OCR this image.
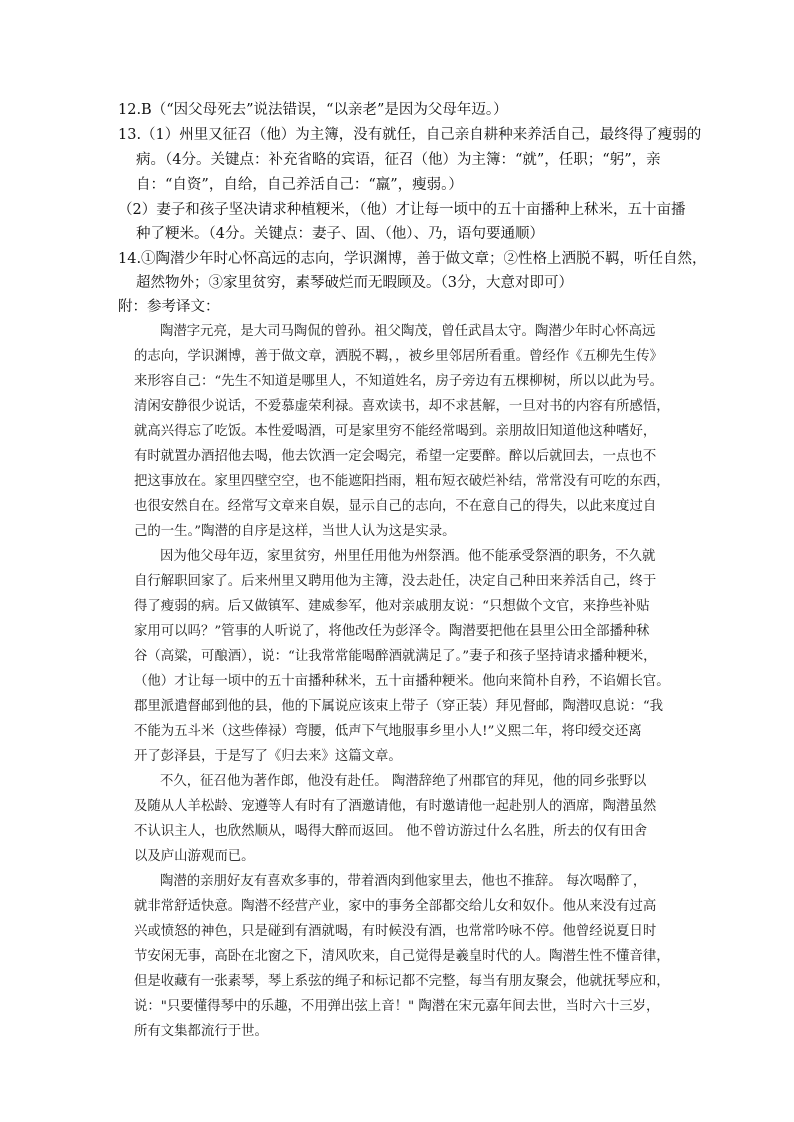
12.B（“因父母死去”说法错误，“以亲老”是因为父母年迈。）

13.（1）州里又征召（他）为主簿，没有就任，自己亲自耕种来养活自己，最终得了瘦弱的

病。（4分。关键点：补充省略的宾语，征召（他）为主簿：“就”，任职；“躬”，亲

自：“自资”，自给，自己养活自己：“羸”，瘦弱。）

（2）妻子和孩子坚决请求种植粳米，（他）才让每一顷中的五十亩播种上秫米，五十亩播

种了粳米。（4分。关键点：妻子、固、（他）、乃，语句要通顺）

14.①陶潜少年时心怀高远的志向，学识渊博，善于做文章；②性格上洒脱不羁，听任自然，

超然物外；③家里贫穷，素琴破烂而无暇顾及。（3分，大意对即可）

附：参考译文：

陶潜字元亮，是大司马陶侃的曾孙。祖父陶茂，曾任武昌太守。陶潜少年时心怀高远

的志向，学识渊博，善于做文章，洒脱不羁，，被乡里邻居所看重。曾经作《五柳先生传》

来形容自己：“先生不知道是哪里人，不知道姓名，房子旁边有五棵柳树，所以以此为号。

清闲安静很少说话，不爱慕虚荣利禄。喜欢读书，却不求甚解，一旦对书的内容有所感悟，

就高兴得忘了吃饭。本性爱喝酒，可是家里穷不能经常喝到。亲朋故旧知道他这种嗜好，

有时就置办酒招他去喝，他去饮酒一定会喝完，希望一定要醉。醉以后就回去，一点也不

把这事放在。家里四壁空空，也不能遮阳挡雨，粗布短衣破烂补结，常常没有可吃的东西，

也很安然自在。经常写文章来自娱，显示自己的志向，不在意自己的得失，以此来度过自

己的一生。”陶潜的自序是这样，当世人认为这是实录。

因为他父母年迈，家里贫穷，州里任用他为州祭酒。他不能承受祭酒的职务，不久就

自行解职回家了。后来州里又聘用他为主簿，没去赴任，决定自己种田来养活自己，终于

得了瘦弱的病。后又做镇军、建威参军，他对亲戚朋友说：“只想做个文官，来挣些补贴

家用可以吗？”管事的人听说了，将他改任为彭泽令。陶潜要把他在县里公田全部播种秫

谷（高粱，可酿酒），说：“让我常常能喝醉酒就满足了。”妻子和孩子坚持请求播种粳米，

（他）才让每一顷中的五十亩播种秫米，五十亩播种粳米。他向来简朴自矜，不谄媚长官。

郡里派遣督邮到他的县，他的下属说应该束上带子（穿正装）拜见督邮，陶潜叹息说：“我

不能为五斗米（这些俸禄）弯腰，低声下气地服事乡里小人!”义熙二年，将印绶交还离

开了彭泽县，于是写了《归去来》这篇文章。

不久，征召他为著作郎，他没有赴任。 陶潜辞绝了州郡官的拜见，他的同乡张野以

及随从人羊松龄、宠遵等人有时有了酒邀请他，有时邀请他一起赴别人的酒席，陶潜虽然

不认识主人，也欣然顺从，喝得大醉而返回。 他不曾访游过什么名胜，所去的仅有田舍

以及庐山游观而已。

陶潜的亲朋好友有喜欢多事的，带着酒肉到他家里去，他也不推辞。 每次喝醉了，

就非常舒适快意。陶潜不经营产业，家中的事务全部都交给儿女和奴仆。他从来没有过高

兴或愤怒的神色，只是碰到有酒就喝，有时候没有酒，也常常吟咏不停。他曾经说夏日时

节安闲无事，高卧在北窗之下，清风吹来，自己觉得是羲皇时代的人。陶潜生性不懂音律，

但是收藏有一张素琴，琴上系弦的绳子和标记都不完整，每当有朋友聚会，他就抚琴应和，

说："只要懂得琴中的乐趣，不用弹出弦上音！" 陶潜在宋元嘉年间去世，当时六十三岁，

所有文集都流行于世。
